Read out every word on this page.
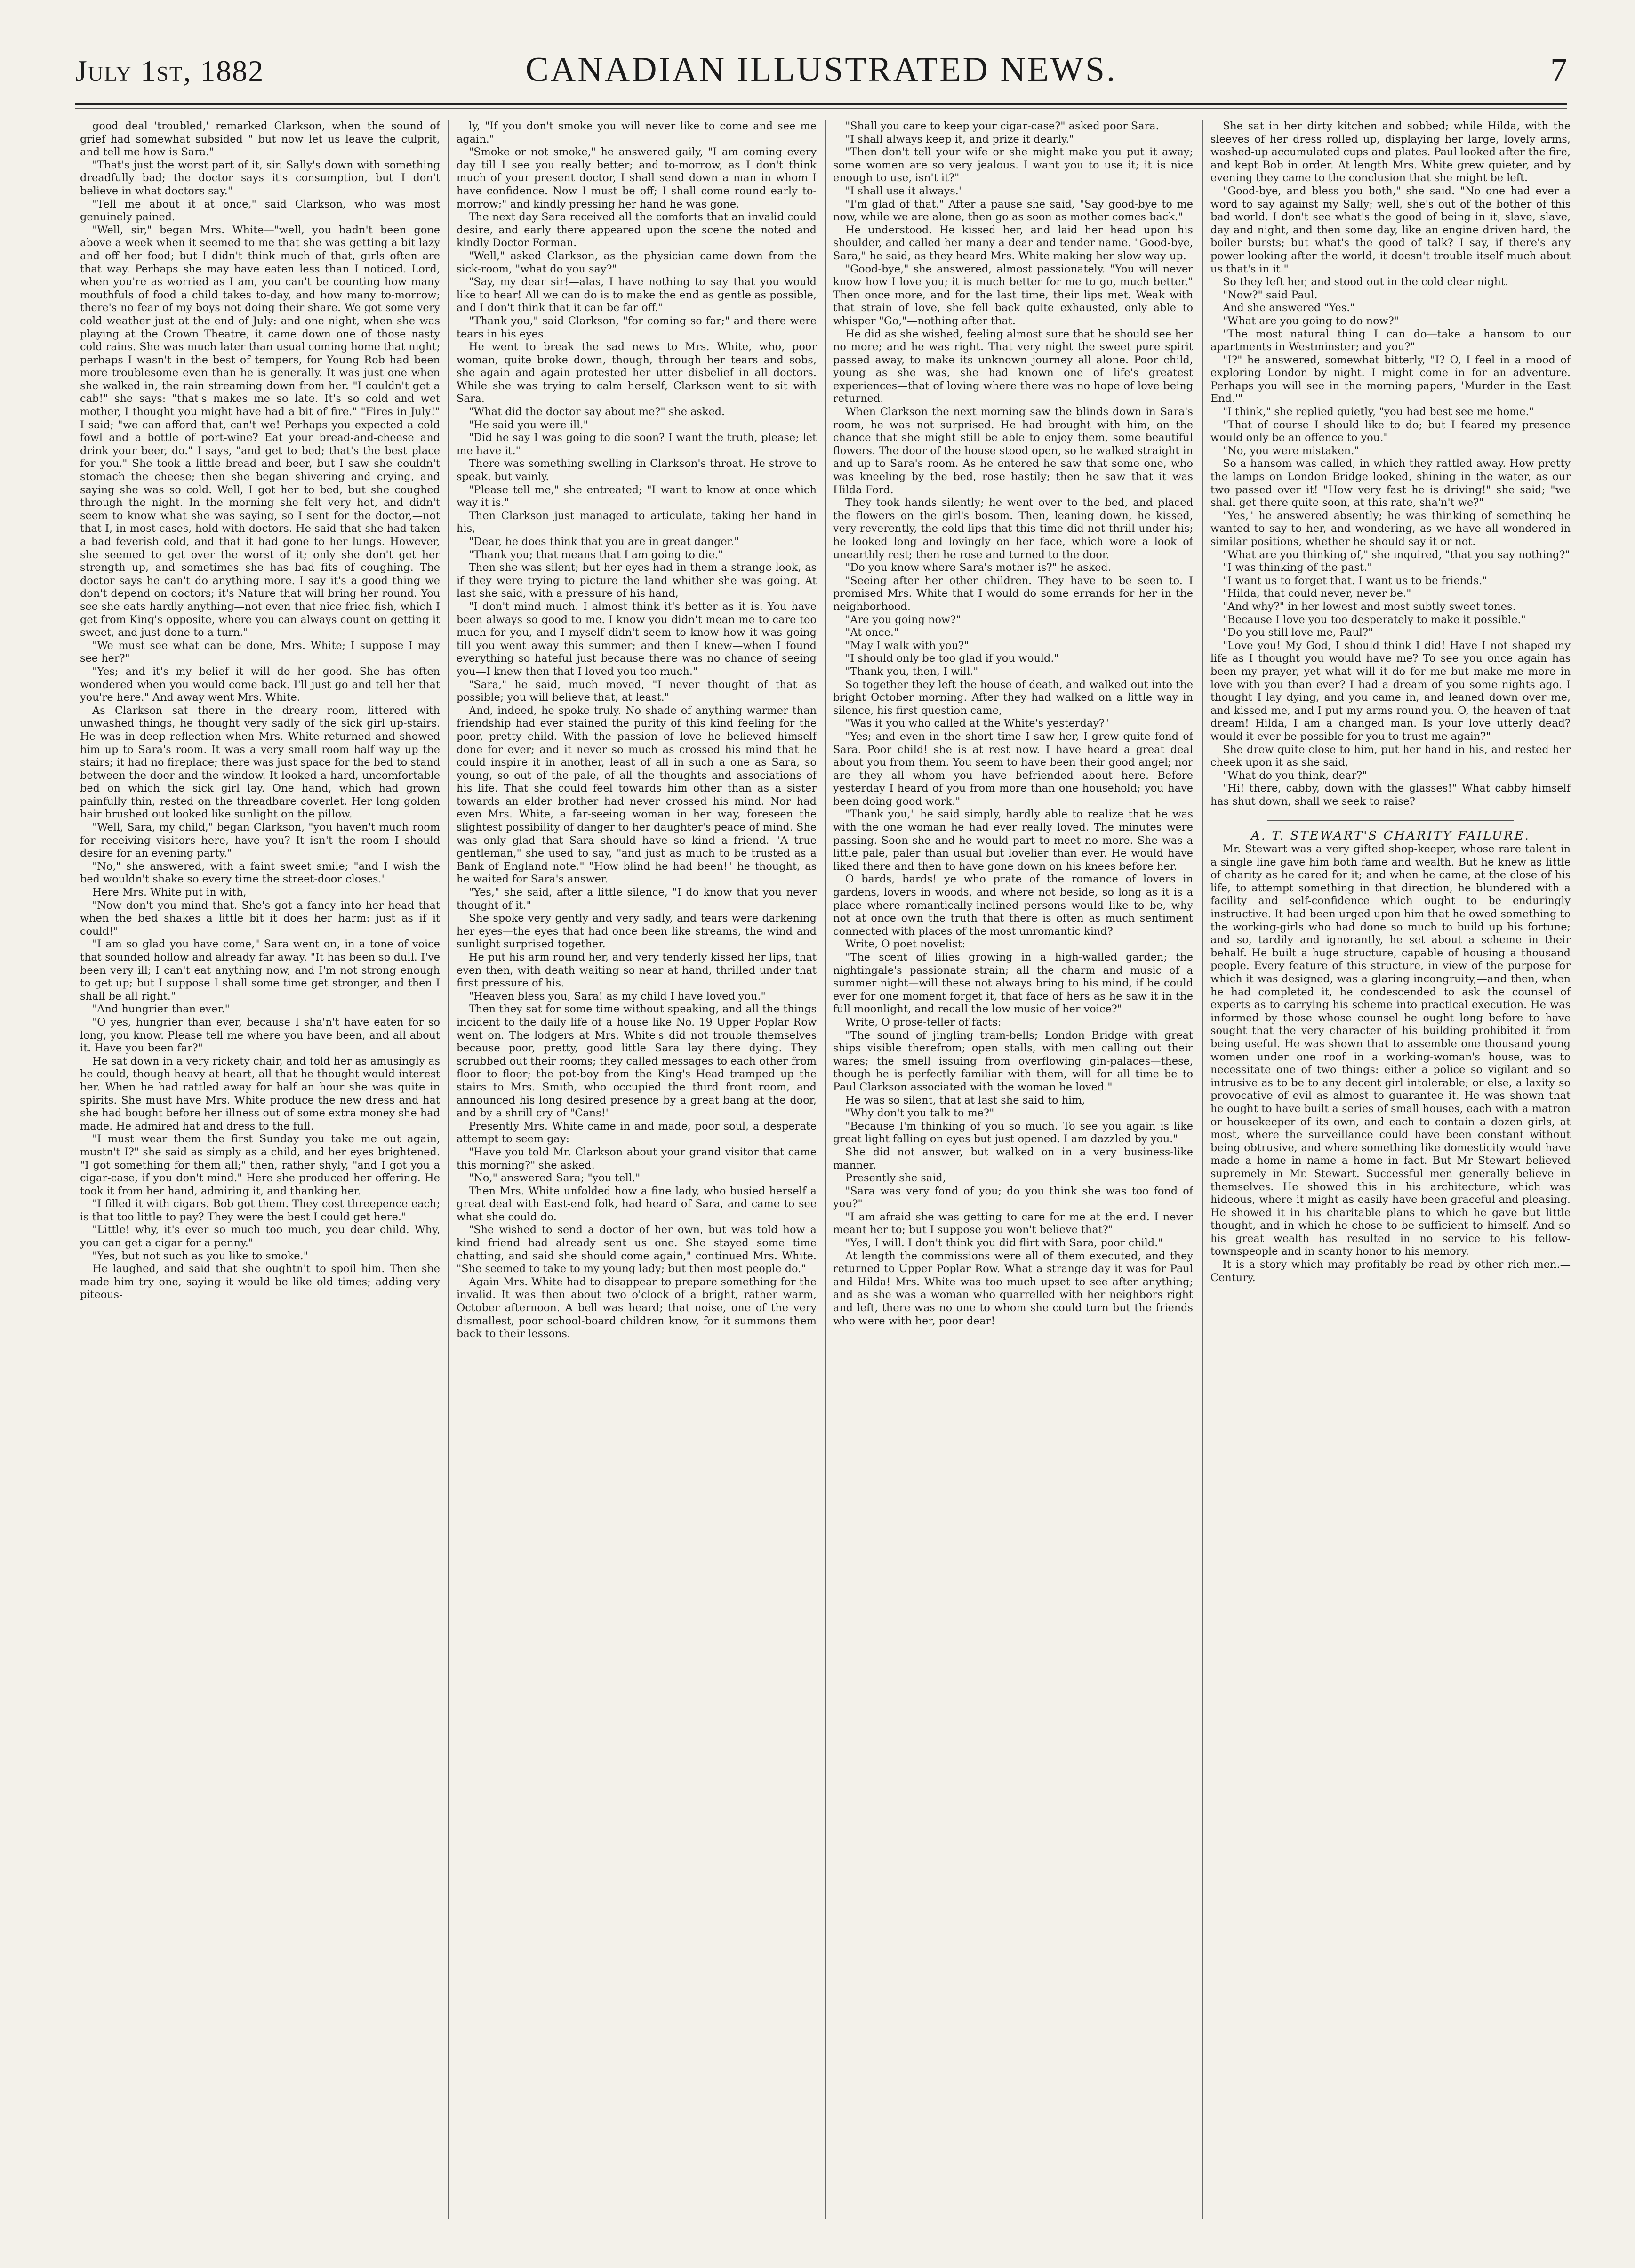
July 1st, 1882	CANADIAN ILLUSTRATED NEWS.	7

good deal 'troubled,' remarked Clarkson, when the sound of grief had somewhat subsided " but now let us leave the culprit, and tell me how is Sara."

"That's just the worst part of it, sir. Sally's down with something dreadfully bad; the doctor says it's consumption, but I don't believe in what doctors say."

"Tell me about it at once," said Clarkson, who was most genuinely pained.

"Well, sir," began Mrs. White—"well, you hadn't been gone above a week when it seemed to me that she was getting a bit lazy and off her food; but I didn't think much of that, girls often are that way. Perhaps she may have eaten less than I noticed. Lord, when you're as worried as I am, you can't be counting how many mouthfuls of food a child takes to-day, and how many to-morrow; there's no fear of my boys not doing their share. We got some very cold weather just at the end of July: and one night, when she was playing at the Crown Theatre, it came down one of those nasty cold rains. She was much later than usual coming home that night; perhaps I wasn't in the best of tempers, for Young Rob had been more troublesome even than he is generally. It was just one when she walked in, the rain streaming down from her. "I couldn't get a cab!" she says: "that's makes me so late. It's so cold and wet mother, I thought you might have had a bit of fire." "Fires in July!" I said; "we can afford that, can't we! Perhaps you expected a cold fowl and a bottle of port-wine? Eat your bread-and-cheese and drink your beer, do." I says, "and get to bed; that's the best place for you." She took a little bread and beer, but I saw she couldn't stomach the cheese; then she began shivering and crying, and saying she was so cold. Well, I got her to bed, but she coughed through the night. In the morning she felt very hot, and didn't seem to know what she was saying, so I sent for the doctor,—not that I, in most cases, hold with doctors. He said that she had taken a bad feverish cold, and that it had gone to her lungs. However, she seemed to get over the worst of it; only she don't get her strength up, and sometimes she has bad fits of coughing. The doctor says he can't do anything more. I say it's a good thing we don't depend on doctors; it's Nature that will bring her round. You see she eats hardly anything—not even that nice fried fish, which I get from King's opposite, where you can always count on getting it sweet, and just done to a turn."

"We must see what can be done, Mrs. White; I suppose I may see her?"

"Yes; and it's my belief it will do her good. She has often wondered when you would come back. I'll just go and tell her that you're here." And away went Mrs. White.

As Clarkson sat there in the dreary room, littered with unwashed things, he thought very sadly of the sick girl up-stairs. He was in deep reflection when Mrs. White returned and showed him up to Sara's room. It was a very small room half way up the stairs; it had no fireplace; there was just space for the bed to stand between the door and the window. It looked a hard, uncomfortable bed on which the sick girl lay. One hand, which had grown painfully thin, rested on the threadbare coverlet. Her long golden hair brushed out looked like sunlight on the pillow.

"Well, Sara, my child," began Clarkson, "you haven't much room for receiving visitors here, have you? It isn't the room I should desire for an evening party."

"No," she answered, with a faint sweet smile; "and I wish the bed wouldn't shake so every time the street-door closes."

Here Mrs. White put in with,

"Now don't you mind that. She's got a fancy into her head that when the bed shakes a little bit it does her harm: just as if it could!"

"I am so glad you have come," Sara went on, in a tone of voice that sounded hollow and already far away. "It has been so dull. I've been very ill; I can't eat anything now, and I'm not strong enough to get up; but I suppose I shall some time get stronger, and then I shall be all right."

"And hungrier than ever."

"O yes, hungrier than ever, because I sha'n't have eaten for so long, you know. Please tell me where you have been, and all about it. Have you been far?"

He sat down in a very rickety chair, and told her as amusingly as he could, though heavy at heart, all that he thought would interest her. When he had rattled away for half an hour she was quite in spirits. She must have Mrs. White produce the new dress and hat she had bought before her illness out of some extra money she had made. He admired hat and dress to the full.

"I must wear them the first Sunday you take me out again, mustn't I?" she said as simply as a child, and her eyes brightened. "I got something for them all;" then, rather shyly, "and I got you a cigar-case, if you don't mind." Here she produced her offering. He took it from her hand, admiring it, and thanking her.

"I filled it with cigars. Bob got them. They cost threepence each; is that too little to pay? They were the best I could get here."

"Little! why, it's ever so much too much, you dear child. Why, you can get a cigar for a penny."

"Yes, but not such as you like to smoke."

He laughed, and said that she oughtn't to spoil him. Then she made him try one, saying it would be like old times; adding very piteous-

ly, "If you don't smoke you will never like to come and see me again."

"Smoke or not smoke," he answered gaily, "I am coming every day till I see you really better; and to-morrow, as I don't think much of your present doctor, I shall send down a man in whom I have confidence. Now I must be off; I shall come round early to-morrow;" and kindly pressing her hand he was gone.

The next day Sara received all the comforts that an invalid could desire, and early there appeared upon the scene the noted and kindly Doctor Forman.

"Well," asked Clarkson, as the physician came down from the sick-room, "what do you say?"

"Say, my dear sir!—alas, I have nothing to say that you would like to hear! All we can do is to make the end as gentle as possible, and I don't think that it can be far off."

"Thank you," said Clarkson, "for coming so far;" and there were tears in his eyes.

He went to break the sad news to Mrs. White, who, poor woman, quite broke down, though, through her tears and sobs, she again and again protested her utter disbelief in all doctors. While she was trying to calm herself, Clarkson went to sit with Sara.

"What did the doctor say about me?" she asked.

"He said you were ill."

"Did he say I was going to die soon? I want the truth, please; let me have it."

There was something swelling in Clarkson's throat. He strove to speak, but vainly.

"Please tell me," she entreated; "I want to know at once which way it is."

Then Clarkson just managed to articulate, taking her hand in his,

"Dear, he does think that you are in great danger."

"Thank you; that means that I am going to die."

Then she was silent; but her eyes had in them a strange look, as if they were trying to picture the land whither she was going. At last she said, with a pressure of his hand,

"I don't mind much. I almost think it's better as it is. You have been always so good to me. I know you didn't mean me to care too much for you, and I myself didn't seem to know how it was going till you went away this summer; and then I knew—when I found everything so hateful just because there was no chance of seeing you—I knew then that I loved you too much."

"Sara," he said, much moved, "I never thought of that as possible; you will believe that, at least."

And, indeed, he spoke truly. No shade of anything warmer than friendship had ever stained the purity of this kind feeling for the poor, pretty child. With the passion of love he believed himself done for ever; and it never so much as crossed his mind that he could inspire it in another, least of all in such a one as Sara, so young, so out of the pale, of all the thoughts and associations of his life. That she could feel towards him other than as a sister towards an elder brother had never crossed his mind. Nor had even Mrs. White, a far-seeing woman in her way, foreseen the slightest possibility of danger to her daughter's peace of mind. She was only glad that Sara should have so kind a friend. "A true gentleman," she used to say, "and just as much to be trusted as a Bank of England note." "How blind he had been!" he thought, as he waited for Sara's answer.

"Yes," she said, after a little silence, "I do know that you never thought of it."

She spoke very gently and very sadly, and tears were darkening her eyes—the eyes that had once been like streams, the wind and sunlight surprised together.

He put his arm round her, and very tenderly kissed her lips, that even then, with death waiting so near at hand, thrilled under that first pressure of his.

"Heaven bless you, Sara! as my child I have loved you."

Then they sat for some time without speaking, and all the things incident to the daily life of a house like No. 19 Upper Poplar Row went on. The lodgers at Mrs. White's did not trouble themselves because poor, pretty, good little Sara lay there dying. They scrubbed out their rooms; they called messages to each other from floor to floor; the pot-boy from the King's Head tramped up the stairs to Mrs. Smith, who occupied the third front room, and announced his long desired presence by a great bang at the door, and by a shrill cry of "Cans!"

Presently Mrs. White came in and made, poor soul, a desperate attempt to seem gay:

"Have you told Mr. Clarkson about your grand visitor that came this morning?" she asked.

"No," answered Sara; "you tell."

Then Mrs. White unfolded how a fine lady, who busied herself a great deal with East-end folk, had heard of Sara, and came to see what she could do.

"She wished to send a doctor of her own, but was told how a kind friend had already sent us one. She stayed some time chatting, and said she should come again," continued Mrs. White. "She seemed to take to my young lady; but then most people do."

Again Mrs. White had to disappear to prepare something for the invalid. It was then about two o'clock of a bright, rather warm, October afternoon. A bell was heard; that noise, one of the very dismallest, poor school-board children know, for it summons them back to their lessons.

"Shall you care to keep your cigar-case?" asked poor Sara.

"I shall always keep it, and prize it dearly."

"Then don't tell your wife or she might make you put it away; some women are so very jealous. I want you to use it; it is nice enough to use, isn't it?"

"I shall use it always."

"I'm glad of that." After a pause she said, "Say good-bye to me now, while we are alone, then go as soon as mother comes back."

He understood. He kissed her, and laid her head upon his shoulder, and called her many a dear and tender name. "Good-bye, Sara," he said, as they heard Mrs. White making her slow way up.

"Good-bye," she answered, almost passionately. "You will never know how I love you; it is much better for me to go, much better." Then once more, and for the last time, their lips met. Weak with that strain of love, she fell back quite exhausted, only able to whisper "Go,"—nothing after that.

He did as she wished, feeling almost sure that he should see her no more; and he was right. That very night the sweet pure spirit passed away, to make its unknown journey all alone. Poor child, young as she was, she had known one of life's greatest experiences—that of loving where there was no hope of love being returned.

When Clarkson the next morning saw the blinds down in Sara's room, he was not surprised. He had brought with him, on the chance that she might still be able to enjoy them, some beautiful flowers. The door of the house stood open, so he walked straight in and up to Sara's room. As he entered he saw that some one, who was kneeling by the bed, rose hastily; then he saw that it was Hilda Ford.

They took hands silently; he went over to the bed, and placed the flowers on the girl's bosom. Then, leaning down, he kissed, very reverently, the cold lips that this time did not thrill under his; he looked long and lovingly on her face, which wore a look of unearthly rest; then he rose and turned to the door.

"Do you know where Sara's mother is?" he asked.

"Seeing after her other children. They have to be seen to. I promised Mrs. White that I would do some errands for her in the neighborhood.

"Are you going now?"

"At once."

"May I walk with you?"

"I should only be too glad if you would."

"Thank you, then, I will."

So together they left the house of death, and walked out into the bright October morning. After they had walked on a little way in silence, his first question came,

"Was it you who called at the White's yesterday?"

"Yes; and even in the short time I saw her, I grew quite fond of Sara. Poor child! she is at rest now. I have heard a great deal about you from them. You seem to have been their good angel; nor are they all whom you have befriended about here. Before yesterday I heard of you from more than one household; you have been doing good work."

"Thank you," he said simply, hardly able to realize that he was with the one woman he had ever really loved. The minutes were passing. Soon she and he would part to meet no more. She was a little pale, paler than usual but lovelier than ever. He would have liked there and then to have gone down on his knees before her.

O bards, bards! ye who prate of the romance of lovers in gardens, lovers in woods, and where not beside, so long as it is a place where romantically-inclined persons would like to be, why not at once own the truth that there is often as much sentiment connected with places of the most unromantic kind?

Write, O poet novelist:

"The scent of lilies growing in a high-walled garden; the nightingale's passionate strain; all the charm and music of a summer night—will these not always bring to his mind, if he could ever for one moment forget it, that face of hers as he saw it in the full moonlight, and recall the low music of her voice?"

Write, O prose-teller of facts:

"The sound of jingling tram-bells; London Bridge with great ships visible therefrom; open stalls, with men calling out their wares; the smell issuing from overflowing gin-palaces—these, though he is perfectly familiar with them, will for all time be to Paul Clarkson associated with the woman he loved."

He was so silent, that at last she said to him,

"Why don't you talk to me?"

"Because I'm thinking of you so much. To see you again is like great light falling on eyes but just opened. I am dazzled by you."

She did not answer, but walked on in a very business-like manner.

Presently she said,

"Sara was very fond of you; do you think she was too fond of you?"

"I am afraid she was getting to care for me at the end. I never meant her to; but I suppose you won't believe that?"

"Yes, I will. I don't think you did flirt with Sara, poor child."

At length the commissions were all of them executed, and they returned to Upper Poplar Row. What a strange day it was for Paul and Hilda! Mrs. White was too much upset to see after anything; and as she was a woman who quarrelled with her neighbors right and left, there was no one to whom she could turn but the friends who were with her, poor dear!

She sat in her dirty kitchen and sobbed; while Hilda, with the sleeves of her dress rolled up, displaying her large, lovely arms, washed-up accumulated cups and plates. Paul looked after the fire, and kept Bob in order. At length Mrs. White grew quieter, and by evening they came to the conclusion that she might be left.

"Good-bye, and bless you both," she said. "No one had ever a word to say against my Sally; well, she's out of the bother of this bad world. I don't see what's the good of being in it, slave, slave, day and night, and then some day, like an engine driven hard, the boiler bursts; but what's the good of talk? I say, if there's any power looking after the world, it doesn't trouble itself much about us that's in it."

So they left her, and stood out in the cold clear night.

"Now?" said Paul.

And she answered "Yes."

"What are you going to do now?"

"The most natural thing I can do—take a hansom to our apartments in Westminster; and you?"

"I?" he answered, somewhat bitterly, "I? O, I feel in a mood of exploring London by night. I might come in for an adventure. Perhaps you will see in the morning papers, 'Murder in the East End.'"

"I think," she replied quietly, "you had best see me home."

"That of course I should like to do; but I feared my presence would only be an offence to you."

"No, you were mistaken."

So a hansom was called, in which they rattled away. How pretty the lamps on London Bridge looked, shining in the water, as our two passed over it! "How very fast he is driving!" she said; "we shall get there quite soon, at this rate, sha'n't we?"

"Yes," he answered absently; he was thinking of something he wanted to say to her, and wondering, as we have all wondered in similar positions, whether he should say it or not.

"What are you thinking of," she inquired, "that you say nothing?"

"I was thinking of the past."

"I want us to forget that. I want us to be friends."

"Hilda, that could never, never be."

"And why?" in her lowest and most subtly sweet tones.

"Because I love you too desperately to make it possible."

"Do you still love me, Paul?"

"Love you! My God, I should think I did! Have I not shaped my life as I thought you would have me? To see you once again has been my prayer, yet what will it do for me but make me more in love with you than ever? I had a dream of you some nights ago. I thought I lay dying, and you came in, and leaned down over me, and kissed me, and I put my arms round you. O, the heaven of that dream! Hilda, I am a changed man. Is your love utterly dead? would it ever be possible for you to trust me again?"

She drew quite close to him, put her hand in his, and rested her cheek upon it as she said,

"What do you think, dear?"

"Hi! there, cabby, down with the glasses!" What cabby himself has shut down, shall we seek to raise?

A. T. STEWART'S CHARITY FAILURE.

Mr. Stewart was a very gifted shop-keeper, whose rare talent in a single line gave him both fame and wealth. But he knew as little of charity as he cared for it; and when he came, at the close of his life, to attempt something in that direction, he blundered with a facility and self-confidence which ought to be enduringly instructive. It had been urged upon him that he owed something to the working-girls who had done so much to build up his fortune; and so, tardily and ignorantly, he set about a scheme in their behalf. He built a huge structure, capable of housing a thousand people. Every feature of this structure, in view of the purpose for which it was designed, was a glaring incongruity,—and then, when he had completed it, he condescended to ask the counsel of experts as to carrying his scheme into practical execution. He was informed by those whose counsel he ought long before to have sought that the very character of his building prohibited it from being useful. He was shown that to assemble one thousand young women under one roof in a working-woman's house, was to necessitate one of two things: either a police so vigilant and so intrusive as to be to any decent girl intolerable; or else, a laxity so provocative of evil as almost to guarantee it. He was shown that he ought to have built a series of small houses, each with a matron or housekeeper of its own, and each to contain a dozen girls, at most, where the surveillance could have been constant without being obtrusive, and where something like domesticity would have made a home in name a home in fact. But Mr Stewart believed supremely in Mr. Stewart. Successful men generally believe in themselves. He showed this in his architecture, which was hideous, where it might as easily have been graceful and pleasing. He showed it in his charitable plans to which he gave but little thought, and in which he chose to be sufficient to himself. And so his great wealth has resulted in no service to his fellow-townspeople and in scanty honor to his memory.

It is a story which may profitably be read by other rich men.—Century.
